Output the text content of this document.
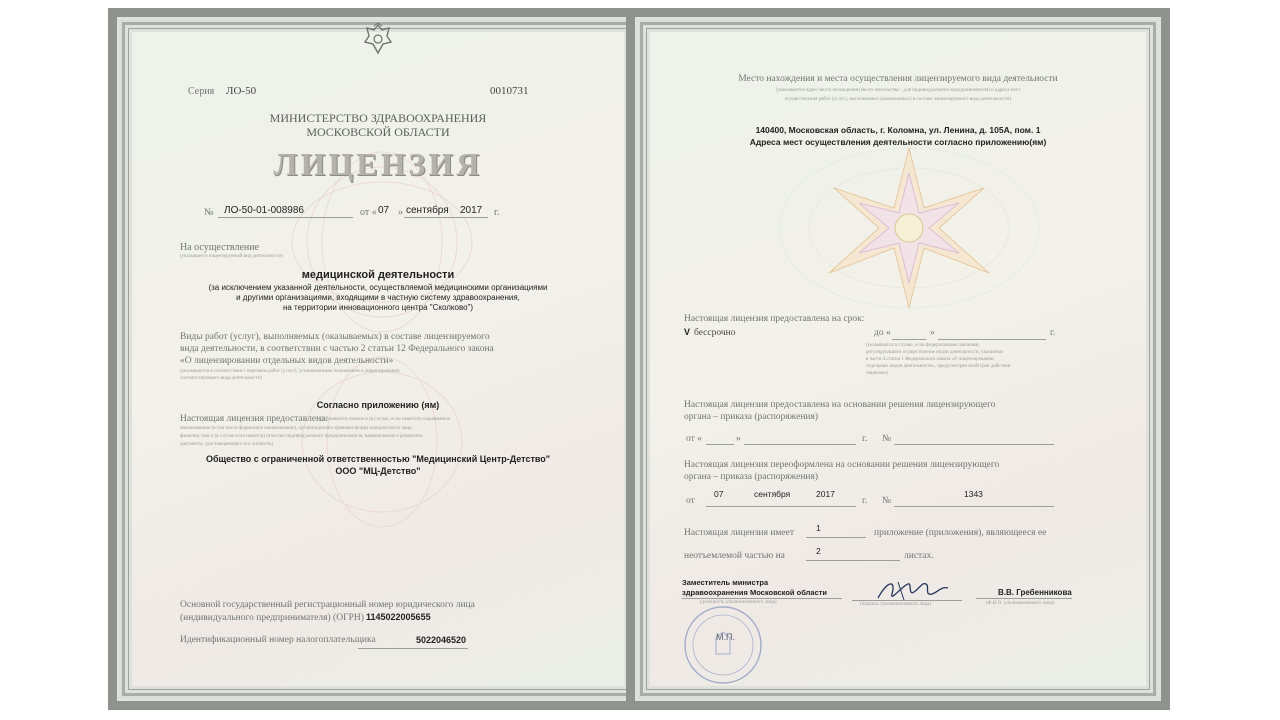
Серия ЛО-50	0010731
МИНИСТЕРСТВО ЗДРАВООХРАНЕНИЯ
МОСКОВСКОЙ ОБЛАСТИ
ЛИЦЕНЗИЯ
№ ЛО-50-01-008986	от « 07 » сентября 2017 г.
На осуществление
(указывается лицензируемый вид деятельности)
медицинской деятельности
(за исключением указанной деятельности, осуществляемой медицинскими организациями
и другими организациями, входящими в частную систему здравоохранения,
на территории инновационного центра "Сколково")
Виды работ (услуг), выполняемых (оказываемых) в составе лицензируемого
вида деятельности, в соответствии с частью 2 статьи 12 Федерального закона
«О лицензировании отдельных видов деятельности»
(указываются в соответствии с перечнем работ (услуг), установленным положением о лицензировании
соответствующего вида деятельности)
Согласно приложению (ям)
Настоящая лицензия предоставлена:
(указывается полное и (в случае, если имеется) сокращенное
наименование (в том числе фирменное наименование), организационно-правовая форма юридического лица,
фамилия, имя и (в случае если имеется) отчество индивидуального предпринимателя, наименование и реквизиты
документа, удостоверяющего его личность)
Общество с ограниченной ответственностью "Медицинский Центр-Детство"
ООО "МЦ-Детство"
Основной государственный регистрационный номер юридического лица
(индивидуального предпринимателя) (ОГРН) 1145022005655
Идентификационный номер налогоплательщика	5022046520
Место нахождения и места осуществления лицензируемого вида деятельности
(указываются адрес места нахождения (место жительства – для индивидуального предпринимателя) и адреса мест
осуществления работ (услуг), выполняемых (оказываемых) в составе лицензируемого вида деятельности)
140400, Московская область, г. Коломна, ул. Ленина, д. 105А, пом. 1
Адреса мест осуществления деятельности согласно приложению(ям)
Настоящая лицензия предоставлена на срок:
V бессрочно	до «	»	г.
(указывается в случае, если федеральными законами,
регулирующими осуществление видов деятельности, указанных
в части 4 статьи 1 Федерального закона «О лицензировании
отдельных видов деятельности», предусмотрен иной срок действия
лицензии)
Настоящая лицензия предоставлена на основании решения лицензирующего
органа – приказа (распоряжения)
от «	»	г. №
Настоящая лицензия переоформлена на основании решения лицензирующего
органа – приказа (распоряжения)
от
07	сентября	2017
г. №
1343
Настоящая лицензия имеет	1	приложение (приложения), являющееся ее
неотъемлемой частью на	2	листах.
Заместитель министра
здравоохранения Московской области
(должность уполномоченного лица)	(подпись уполномоченного лица)
В.В. Гребенникова
(Ф.И.О. уполномоченного лица)
М.П.
